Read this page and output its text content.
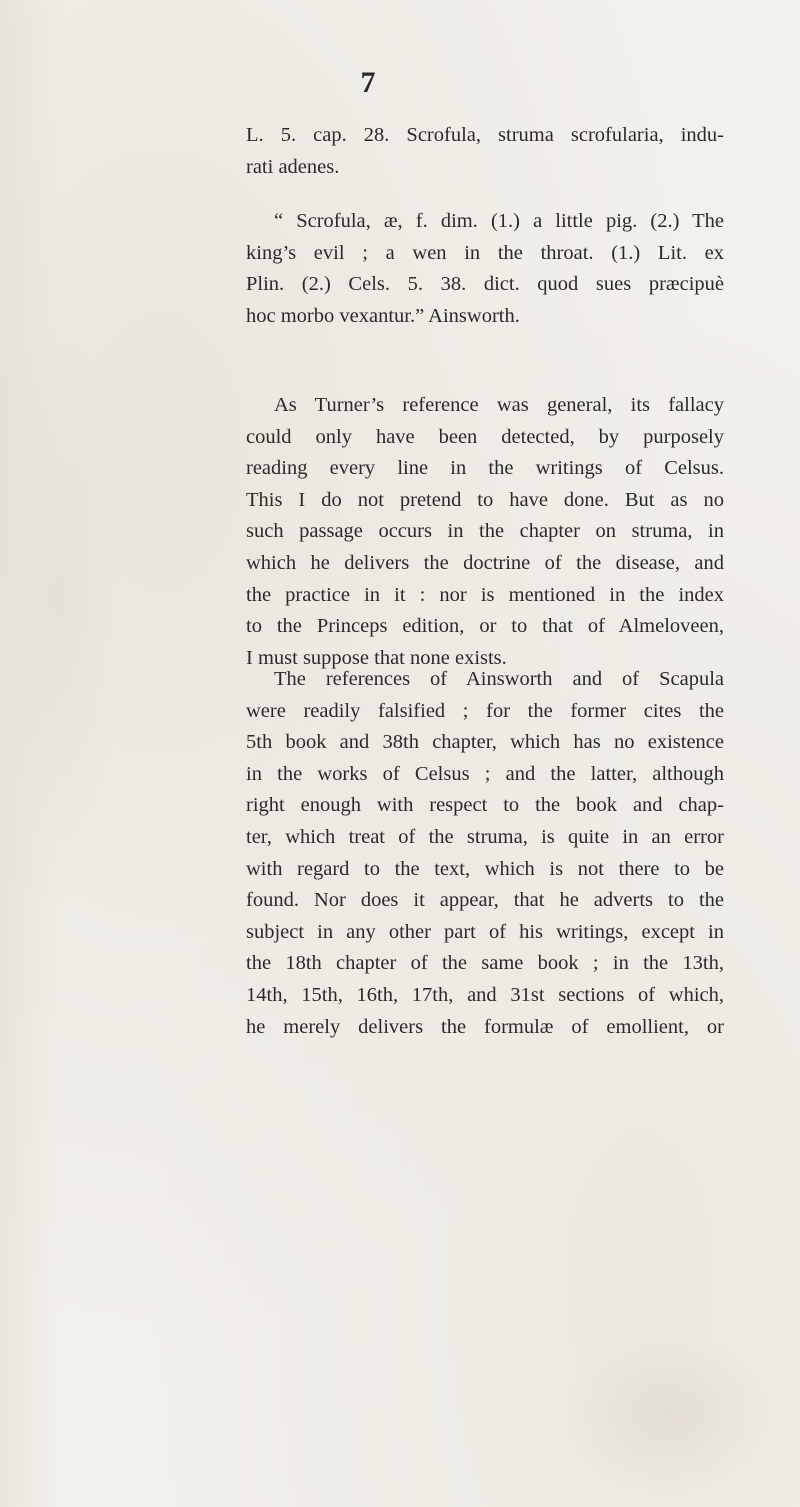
7
L. 5. cap. 28. Scrofula, struma scrofularia, indu-
rati adenes.
“ Scrofula, æ, f. dim. (1.) a little pig. (2.) The
king’s evil ; a wen in the throat. (1.) Lit. ex
Plin. (2.) Cels. 5. 38. dict. quod sues præcipuè
hoc morbo vexantur.” Ainsworth.
As Turner’s reference was general, its fallacy
could only have been detected, by purposely
reading every line in the writings of Celsus.
This I do not pretend to have done. But as no
such passage occurs in the chapter on struma, in
which he delivers the doctrine of the disease, and
the practice in it : nor is mentioned in the index
to the Princeps edition, or to that of Almeloveen,
I must suppose that none exists.
The references of Ainsworth and of Scapula
were readily falsified ; for the former cites the
5th book and 38th chapter, which has no existence
in the works of Celsus ; and the latter, although
right enough with respect to the book and chap-
ter, which treat of the struma, is quite in an error
with regard to the text, which is not there to be
found. Nor does it appear, that he adverts to the
subject in any other part of his writings, except in
the 18th chapter of the same book ; in the 13th,
14th, 15th, 16th, 17th, and 31st sections of which,
he merely delivers the formulæ of emollient, or
